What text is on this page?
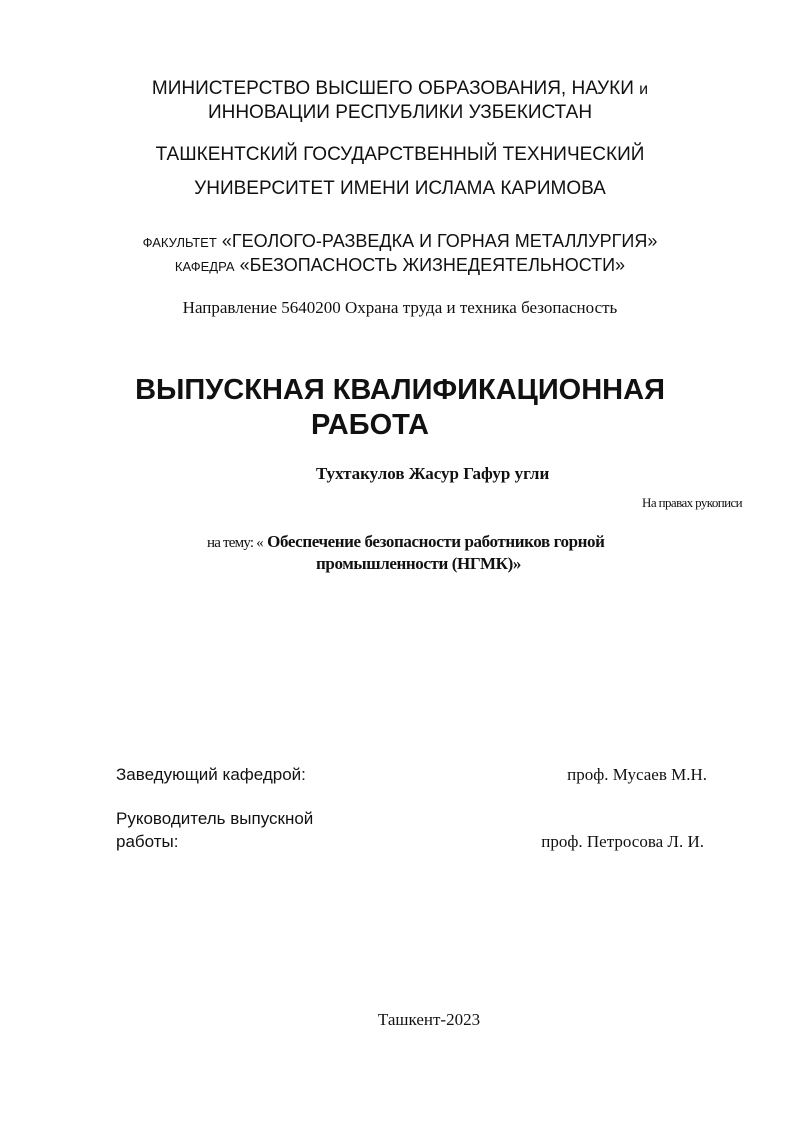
МИНИСТЕРСТВО ВЫСШЕГО ОБРАЗОВАНИЯ, НАУКИ и
ИННОВАЦИИ РЕСПУБЛИКИ УЗБЕКИСТАН
ТАШКЕНТСКИЙ ГОСУДАРСТВЕННЫЙ ТЕХНИЧЕСКИЙ
УНИВЕРСИТЕТ ИМЕНИ ИСЛАМА КАРИМОВА
ФАКУЛЬТЕТ «ГЕОЛОГО-РАЗВЕДКА И ГОРНАЯ МЕТАЛЛУРГИЯ»
КАФЕДРА «БЕЗОПАСНОСТЬ ЖИЗНЕДЕЯТЕЛЬНОСТИ»
Направление 5640200 Охрана труда и техника безопасность
ВЫПУСКНАЯ КВАЛИФИКАЦИОННАЯ
РАБОТА
Тухтакулов Жасур Гафур угли
На правах рукописи
на тему: « Обеспечение безопасности работников горной
промышленности (НГМК)»
Заведующий кафедрой:	проф. Мусаев М.Н.
Руководитель выпускной
работы:	проф. Петросова Л. И.
Ташкент-2023
